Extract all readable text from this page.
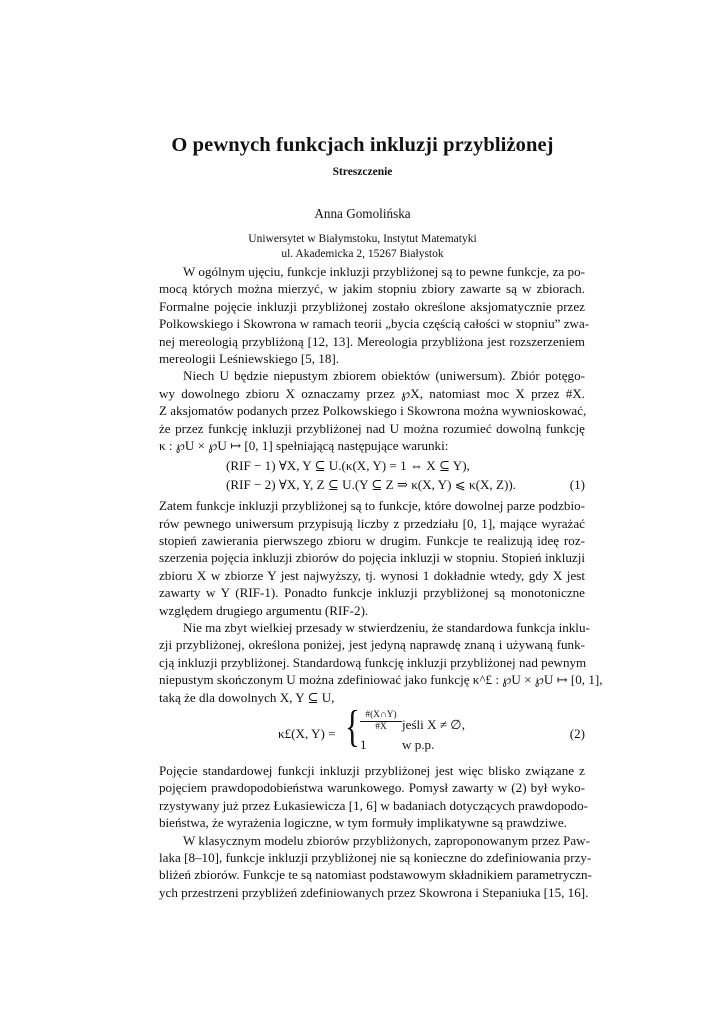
O pewnych funkcjach inkluzji przybliżonej
Streszczenie
Anna Gomolińska
Uniwersytet w Białymstoku, Instytut Matematyki
ul. Akademicka 2, 15267 Białystok
W ogólnym ujęciu, funkcje inkluzji przybliżonej są to pewne funkcje, za po-
mocą których można mierzyć, w jakim stopniu zbiory zawarte są w zbiorach.
Formalne pojęcie inkluzji przybliżonej zostało określone aksjomatycznie przez
Polkowskiego i Skowrona w ramach teorii „bycia częścią całości w stopniu” zwa-
nej mereologią przybliżoną [12, 13]. Mereologia przybliżona jest rozszerzeniem
mereologii Leśniewskiego [5, 18].
Niech U będzie niepustym zbiorem obiektów (uniwersum). Zbiór potęgo-
wy dowolnego zbioru X oznaczamy przez ℘X, natomiast moc X przez #X.
Z aksjomatów podanych przez Polkowskiego i Skowrona można wywnioskować,
że przez funkcję inkluzji przybliżonej nad U można rozumieć dowolną funkcję
κ : ℘U × ℘U ↦ [0, 1] spełniającą następujące warunki:
(RIF − 1) ∀X, Y ⊆ U.(κ(X, Y) = 1 ⇔ X ⊆ Y),
(RIF − 2) ∀X, Y, Z ⊆ U.(Y ⊆ Z ⇒ κ(X, Y) ⩽ κ(X, Z)).	(1)
Zatem funkcje inkluzji przybliżonej są to funkcje, które dowolnej parze podzbio-
rów pewnego uniwersum przypisują liczby z przedziału [0, 1], mające wyrażać
stopień zawierania pierwszego zbioru w drugim. Funkcje te realizują ideę roz-
szerzenia pojęcia inkluzji zbiorów do pojęcia inkluzji w stopniu. Stopień inkluzji
zbioru X w zbiorze Y jest najwyższy, tj. wynosi 1 dokładnie wtedy, gdy X jest
zawarty w Y (RIF-1). Ponadto funkcje inkluzji przybliżonej są monotoniczne
względem drugiego argumentu (RIF-2).
Nie ma zbyt wielkiej przesady w stwierdzeniu, że standardowa funkcja inklu-
zji przybliżonej, określona poniżej, jest jedyną naprawdę znaną i używaną funk-
cją inkluzji przybliżonej. Standardową funkcję inkluzji przybliżonej nad pewnym
niepustym skończonym U można zdefiniować jako funkcję κ^£ : ℘U × ℘U ↦ [0, 1],
taką że dla dowolnych X, Y ⊆ U,
κ£(X, Y) = { $\frac{\#(X\cap Y)}{\#X}$ jeśli X ≠ ∅,
1	w p.p.
(2)
Pojęcie standardowej funkcji inkluzji przybliżonej jest więc blisko związane z
pojęciem prawdopodobieństwa warunkowego. Pomysł zawarty w (2) był wyko-
rzystywany już przez Łukasiewicza [1, 6] w badaniach dotyczących prawdopodo-
bieństwa, że wyrażenia logiczne, w tym formuły implikatywne są prawdziwe.
W klasycznym modelu zbiorów przybliżonych, zaproponowanym przez Paw-
laka [8–10], funkcje inkluzji przybliżonej nie są konieczne do zdefiniowania przy-
bliżeń zbiorów. Funkcje te są natomiast podstawowym składnikiem parametryczn-
ych przestrzeni przybliżeń zdefiniowanych przez Skowrona i Stepaniuka [15, 16].
